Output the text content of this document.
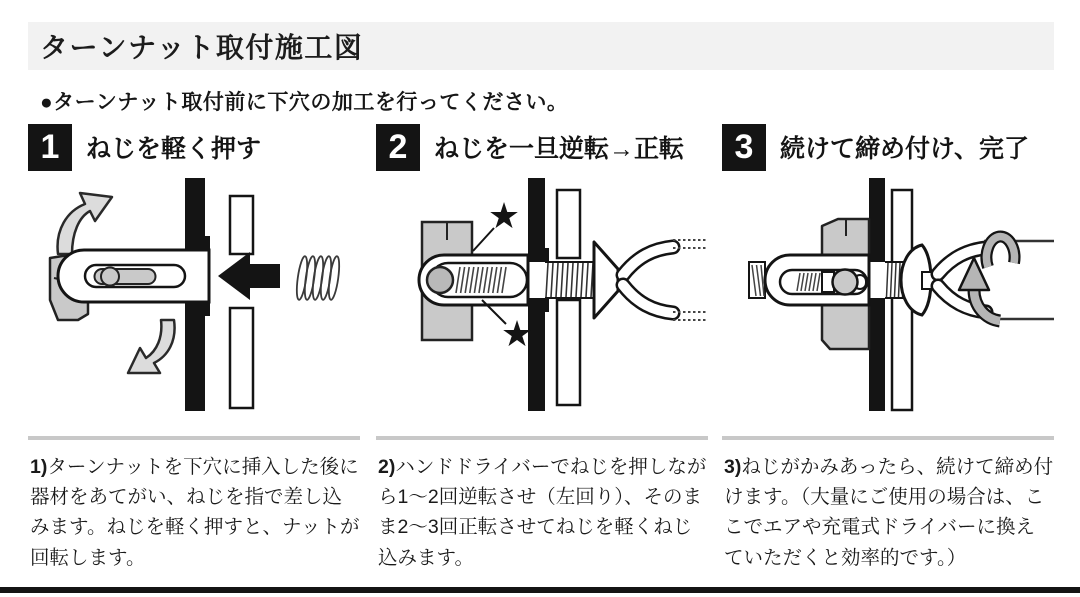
ターンナット取付施工図
●ターンナット取付前に下穴の加工を行ってください。
1	ねじを軽く押す

1)ターンナットを下穴に挿入した後に器材をあてがい、ねじを指で差し込みます。ねじを軽く押すと、ナットが回転します。

2	ねじを一旦逆転→正転
★
★

2)ハンドドライバーでねじを押しながら1〜2回逆転させ（左回り）、そのまま2〜3回正転させてねじを軽くねじ込みます。

3	続けて締め付け、完了

3)ねじがかみあったら、続けて締め付けます。（大量にご使用の場合は、ここでエアや充電式ドライバーに換えていただくと効率的です。）
